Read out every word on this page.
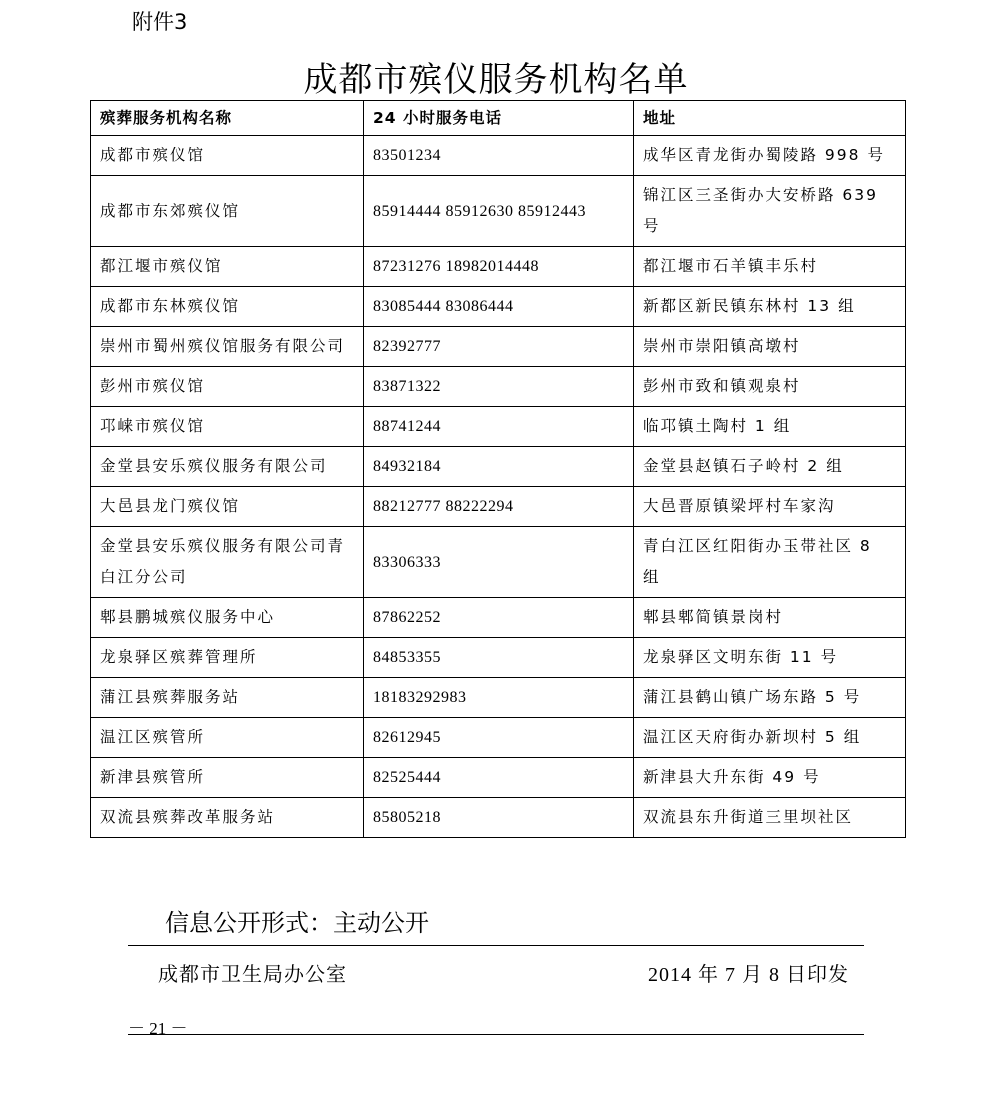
附件3
成都市殡仪服务机构名单
殡葬服务机构名称	24 小时服务电话	地址
成都市殡仪馆	83501234	成华区青龙街办蜀陵路 998 号
成都市东郊殡仪馆	85914444 85912630 85912443	锦江区三圣街办大安桥路 639 号
都江堰市殡仪馆	87231276 18982014448	都江堰市石羊镇丰乐村
成都市东林殡仪馆	83085444 83086444	新都区新民镇东林村 13 组
崇州市蜀州殡仪馆服务有限公司	82392777	崇州市崇阳镇高墩村
彭州市殡仪馆	83871322	彭州市致和镇观泉村
邛崃市殡仪馆	88741244	临邛镇土陶村 1 组
金堂县安乐殡仪服务有限公司	84932184	金堂县赵镇石子岭村 2 组
大邑县龙门殡仪馆	88212777 88222294	大邑晋原镇梁坪村车家沟
金堂县安乐殡仪服务有限公司青白江分公司	83306333	青白江区红阳街办玉带社区 8 组
郫县鹏城殡仪服务中心	87862252	郫县郫简镇景岗村
龙泉驿区殡葬管理所	84853355	龙泉驿区文明东街 11 号
蒲江县殡葬服务站	18183292983	蒲江县鹤山镇广场东路 5 号
温江区殡管所	82612945	温江区天府街办新坝村 5 组
新津县殡管所	82525444	新津县大升东街 49 号
双流县殡葬改革服务站	85805218	双流县东升街道三里坝社区
信息公开形式：主动公开
成都市卫生局办公室	2014 年 7 月 8 日印发
－ 21 －
